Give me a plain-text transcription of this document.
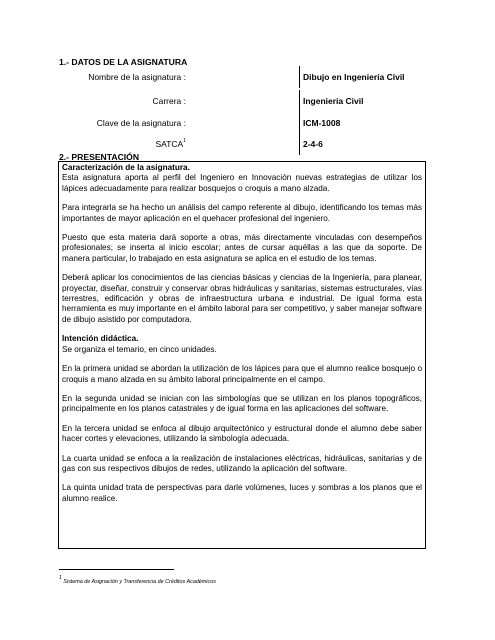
1.- DATOS DE LA ASIGNATURA
Nombre de la asignatura :	Dibujo en Ingeniería Civil
Carrera :	Ingeniería Civil
Clave de la asignatura :	ICM-1008
SATCA$^1$	2-4-6
2.- PRESENTACIÓN

Caracterización de la asignatura.

Esta asignatura aporta al perfil del Ingeniero en Innovación nuevas estrategias de utilizar los lápices adecuadamente para realizar bosquejos o croquis a mano alzada.

Para integrarla se ha hecho un análisis del campo referente al dibujo, identificando los temas más importantes de mayor aplicación en el quehacer profesional del ingeniero.

Puesto que esta materia dará soporte a otras, más directamente vinculadas con desempeños profesionales; se inserta al inicio escolar; antes de cursar aquéllas a las que da soporte. De manera particular, lo trabajado en esta asignatura se aplica en el estudio de los temas.

Deberá aplicar los conocimientos de las ciencias básicas y ciencias de la Ingeniería, para planear, proyectar, diseñar, construir y conservar obras hidráulicas y sanitarias, sistemas estructurales, vías terrestres, edificación y obras de infraestructura urbana e industrial. De igual forma esta herramienta es muy importante en el ámbito laboral para ser competitivo, y saber manejar software de dibujo asistido por computadora.

Intención didáctica.

Se organiza el temario, en cinco unidades.

En la primera unidad se abordan la utilización de los lápices para que el alumno realice bosquejo o croquis a mano alzada en su ámbito laboral principalmente en el campo.

En la segunda unidad se inician con las simbologías que se utilizan en los planos topográficos, principalmente en los planos catastrales y de igual forma en las aplicaciones del software.

En la tercera unidad se enfoca al dibujo arquitectónico y estructural donde el alumno debe saber hacer cortes y elevaciones, utilizando la simbología adecuada.

La cuarta unidad se enfoca a la realización de instalaciones eléctricas, hidráulicas, sanitarias y de gas con sus respectivos dibujos de redes, utilizando la aplicación del software.

La quinta unidad trata de perspectivas para darle volúmenes, luces y sombras a los planos que el alumno realice.

1 Sistema de Asignación y Transferencia de Créditos Académicos
